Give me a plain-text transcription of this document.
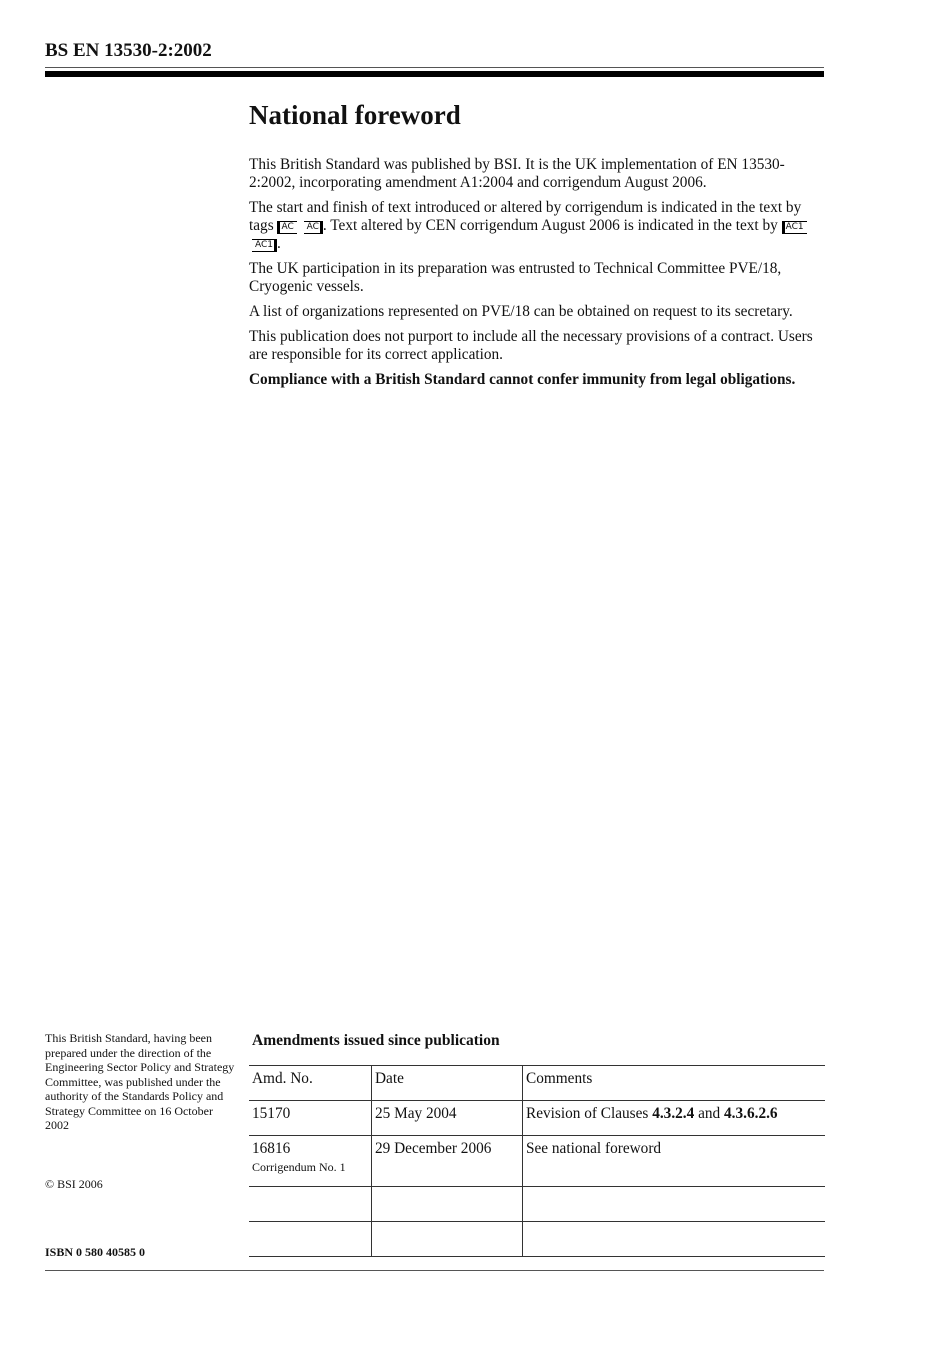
BS EN 13530-2:2002
National foreword

This British Standard was published by BSI. It is the UK implementation of EN 13530-2:2002, incorporating amendment A1:2004 and corrigendum August 2006.

The start and finish of text introduced or altered by corrigendum is indicated in the text by tags AC AC . Text altered by CEN corrigendum August 2006 is indicated in the text by AC1 AC1 .

The UK participation in its preparation was entrusted to Technical Committee PVE/18, Cryogenic vessels.

A list of organizations represented on PVE/18 can be obtained on request to its secretary.

This publication does not purport to include all the necessary provisions of a contract. Users are responsible for its correct application.

Compliance with a British Standard cannot confer immunity from legal obligations.

This British Standard, having been prepared under the direction of the Engineering Sector Policy and Strategy Committee, was published under the authority of the Standards Policy and Strategy Committee on 16 October 2002
© BSI 2006
ISBN 0 580 40585 0
Amendments issued since publication
Amd. No.	Date	Comments
15170	25 May 2004	Revision of Clauses 4.3.2.4 and 4.3.6.2.6
16816
Corrigendum No. 1	29 December 2006	See national foreword
